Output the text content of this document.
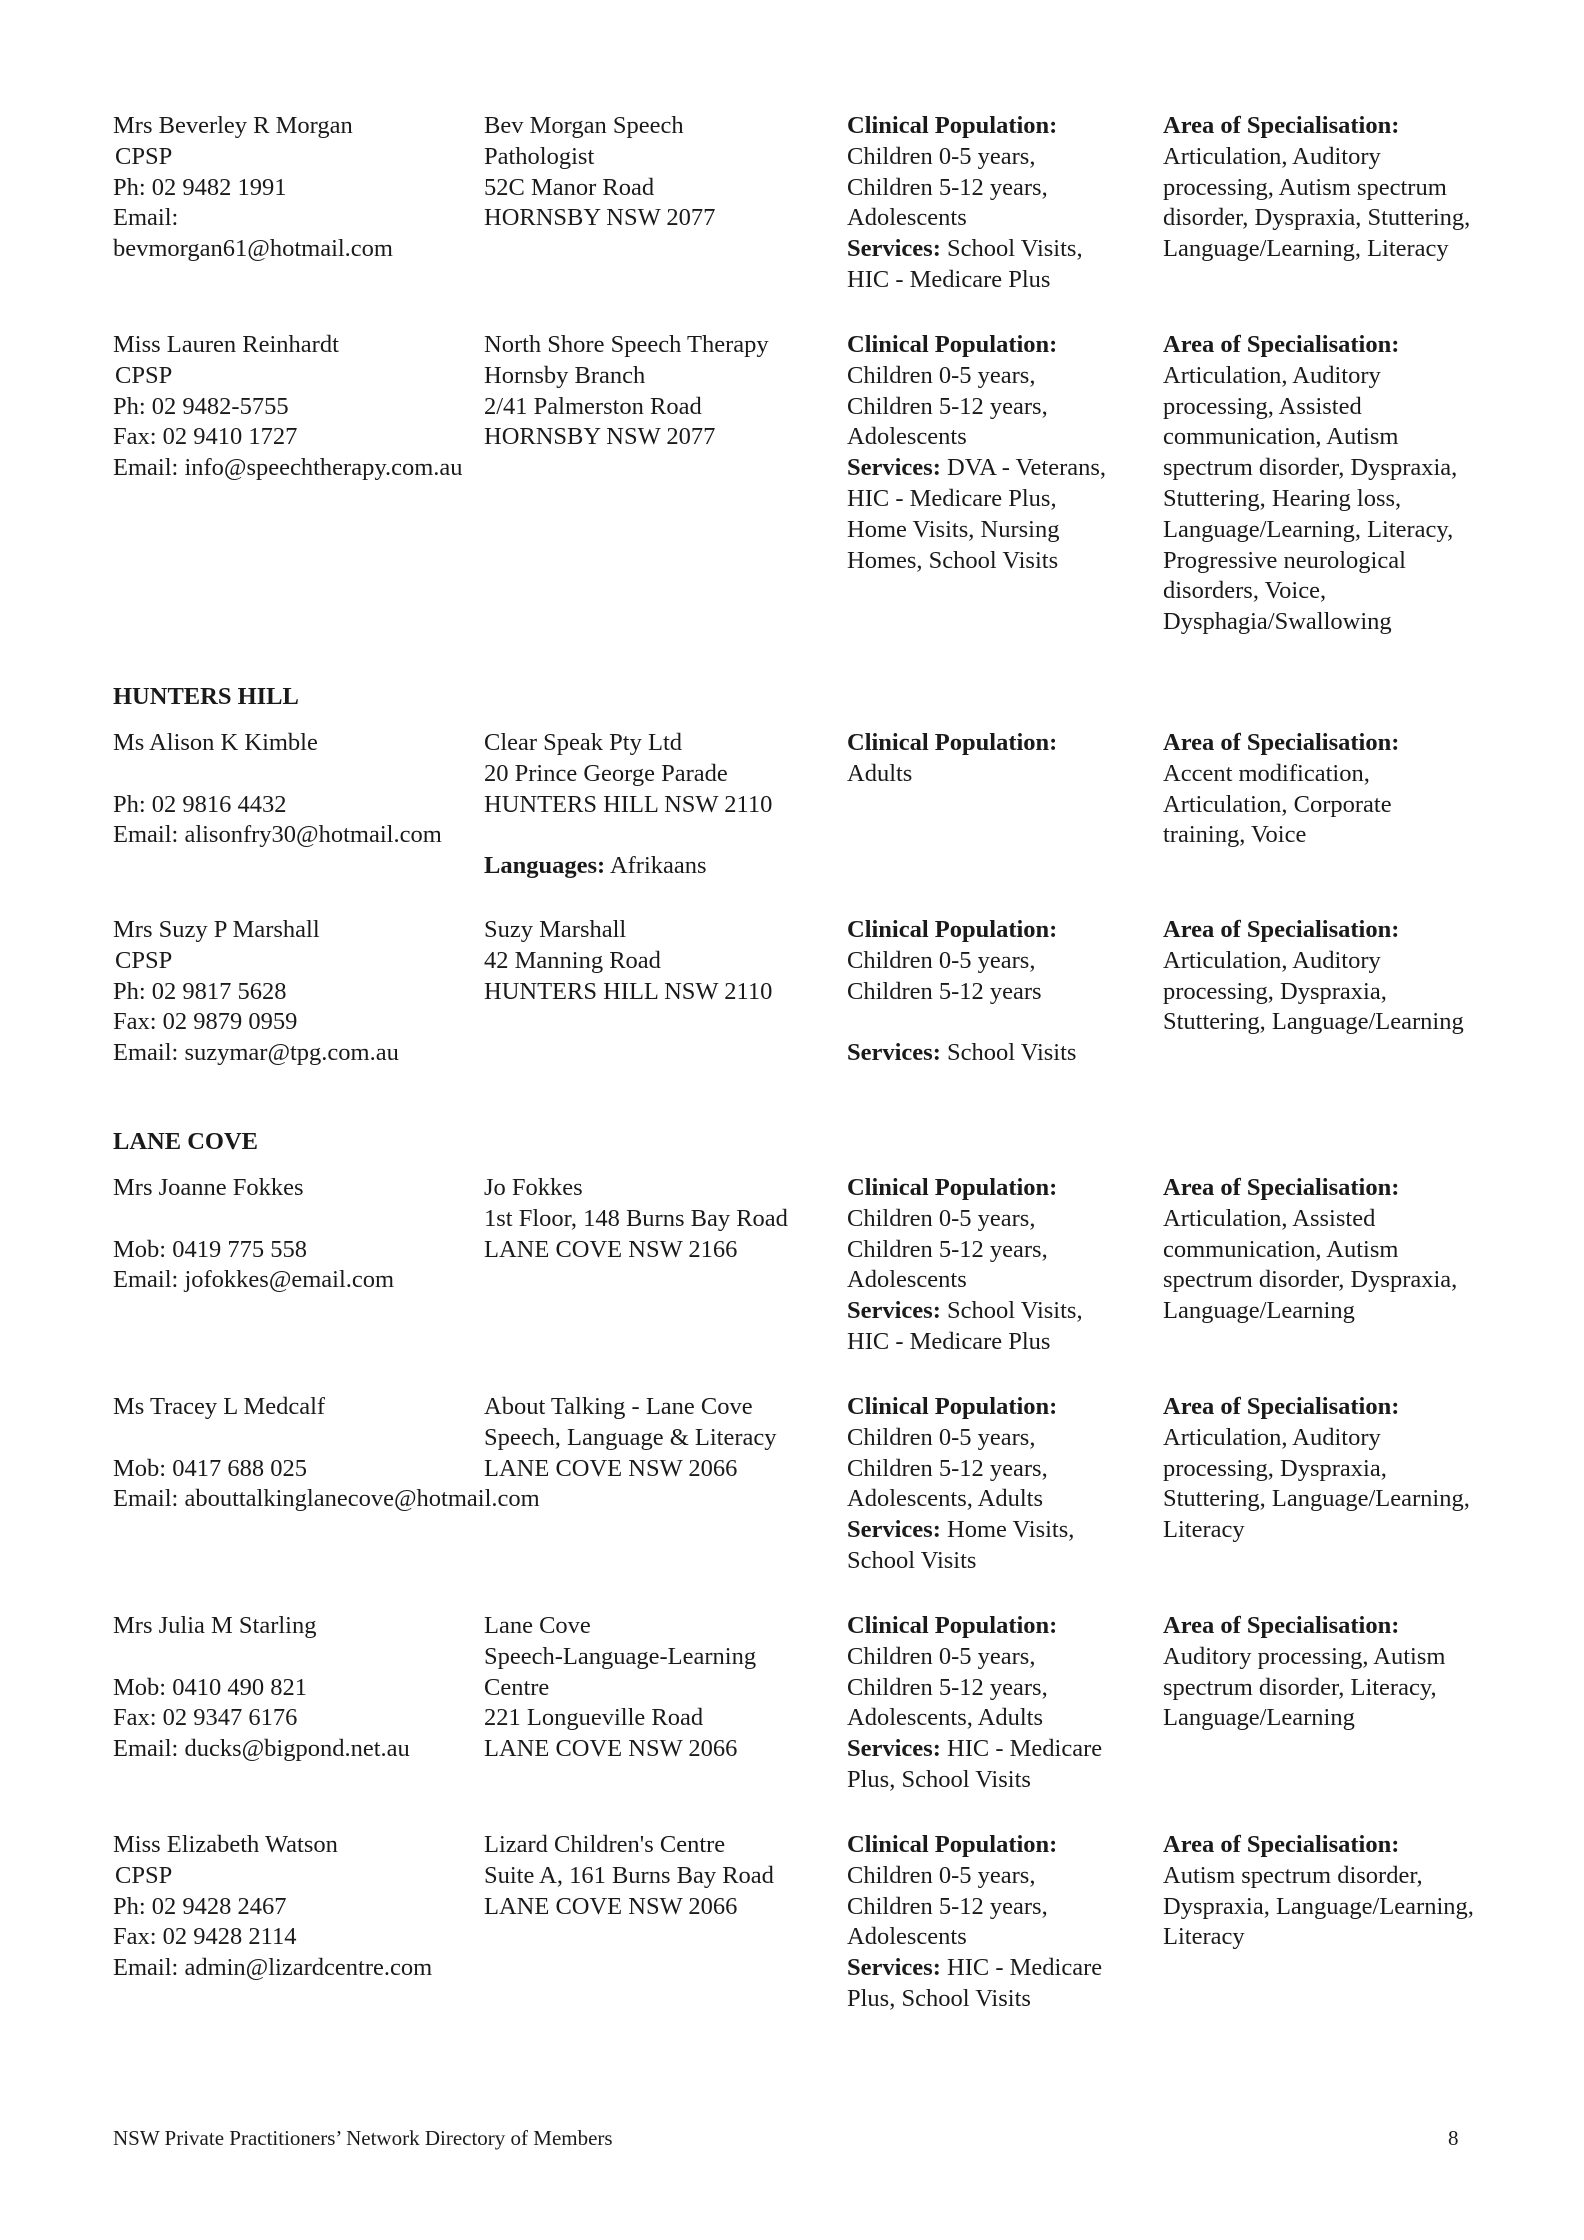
Mrs Beverley R Morgan
CPSP
Ph: 02 9482 1991
Email:
bevmorgan61@hotmail.com
Bev Morgan Speech
Pathologist
52C Manor Road
HORNSBY NSW 2077
Clinical Population:
Children 0-5 years,
Children 5-12 years,
Adolescents
Services: School Visits,
HIC - Medicare Plus
Area of Specialisation:
Articulation, Auditory
processing, Autism spectrum
disorder, Dyspraxia, Stuttering,
Language/Learning, Literacy
Miss Lauren Reinhardt
CPSP
Ph: 02 9482-5755
Fax: 02 9410 1727
Email: info@speechtherapy.com.au
North Shore Speech Therapy
Hornsby Branch
2/41 Palmerston Road
HORNSBY NSW 2077
Clinical Population:
Children 0-5 years,
Children 5-12 years,
Adolescents
Services: DVA - Veterans,
HIC - Medicare Plus,
Home Visits, Nursing
Homes, School Visits
Area of Specialisation:
Articulation, Auditory
processing, Assisted
communication, Autism
spectrum disorder, Dyspraxia,
Stuttering, Hearing loss,
Language/Learning, Literacy,
Progressive neurological
disorders, Voice,
Dysphagia/Swallowing
HUNTERS HILL
Ms Alison K Kimble
Ph: 02 9816 4432
Email: alisonfry30@hotmail.com
Clear Speak Pty Ltd
20 Prince George Parade
HUNTERS HILL NSW 2110
Languages: Afrikaans
Clinical Population:
Adults
Area of Specialisation:
Accent modification,
Articulation, Corporate
training, Voice
Mrs Suzy P Marshall
CPSP
Ph: 02 9817 5628
Fax: 02 9879 0959
Email: suzymar@tpg.com.au
Suzy Marshall
42 Manning Road
HUNTERS HILL NSW 2110
Clinical Population:
Children 0-5 years,
Children 5-12 years
Services: School Visits
Area of Specialisation:
Articulation, Auditory
processing, Dyspraxia,
Stuttering, Language/Learning
LANE COVE
Mrs Joanne Fokkes
Mob: 0419 775 558
Email: jofokkes@email.com
Jo Fokkes
1st Floor, 148 Burns Bay Road
LANE COVE NSW 2166
Clinical Population:
Children 0-5 years,
Children 5-12 years,
Adolescents
Services: School Visits,
HIC - Medicare Plus
Area of Specialisation:
Articulation, Assisted
communication, Autism
spectrum disorder, Dyspraxia,
Language/Learning
Ms Tracey L Medcalf
Mob: 0417 688 025
Email: abouttalkinglanecove@hotmail.com
About Talking - Lane Cove
Speech, Language & Literacy
LANE COVE NSW 2066
Clinical Population:
Children 0-5 years,
Children 5-12 years,
Adolescents, Adults
Services: Home Visits,
School Visits
Area of Specialisation:
Articulation, Auditory
processing, Dyspraxia,
Stuttering, Language/Learning,
Literacy
Mrs Julia M Starling
Mob: 0410 490 821
Fax: 02 9347 6176
Email: ducks@bigpond.net.au
Lane Cove
Speech-Language-Learning
Centre
221 Longueville Road
LANE COVE NSW 2066
Clinical Population:
Children 0-5 years,
Children 5-12 years,
Adolescents, Adults
Services: HIC - Medicare
Plus, School Visits
Area of Specialisation:
Auditory processing, Autism
spectrum disorder, Literacy,
Language/Learning
Miss Elizabeth Watson
CPSP
Ph: 02 9428 2467
Fax: 02 9428 2114
Email: admin@lizardcentre.com
Lizard Children's Centre
Suite A, 161 Burns Bay Road
LANE COVE NSW 2066
Clinical Population:
Children 0-5 years,
Children 5-12 years,
Adolescents
Services: HIC - Medicare
Plus, School Visits
Area of Specialisation:
Autism spectrum disorder,
Dyspraxia, Language/Learning,
Literacy
NSW Private Practitioners’ Network Directory of Members	8
